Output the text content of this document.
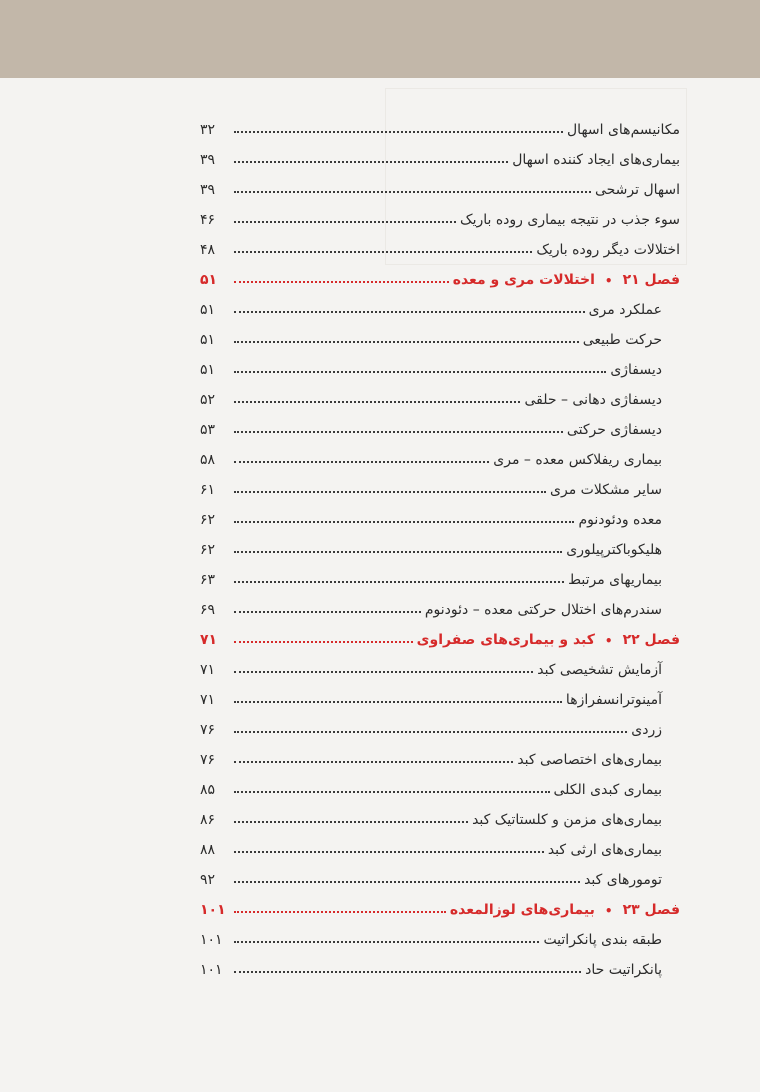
مکانیسم‌های اسهال
۳۲
بیماری‌های ایجاد کننده اسهال
۳۹
اسهال ترشحی
۳۹
سوء جذب در نتیجه بیماری روده باریک
۴۶
اختلالات دیگر روده باریک
۴۸
فصل ۲۱
•
اختلالات مری و معده
۵۱
عملکرد مری
۵۱
حرکت طبیعی
۵۱
دیسفاژی
۵۱
دیسفاژی دهانی – حلقی
۵۲
دیسفاژی حرکتی
۵۳
بیماری ریفلاکس معده – مری
۵۸
سایر مشکلات مری
۶۱
معده ودئودنوم
۶۲
هلیکوباکترپیلوری
۶۲
بیماریهای مرتبط
۶۳
سندرم‌های اختلال حرکتی معده – دئودنوم
۶۹
فصل ۲۲
•
کبد و بیماری‌های صفراوی
۷۱
آزمایش تشخیصی کبد
۷۱
آمینوترانسفرازها
۷۱
زردی
۷۶
بیماری‌های اختصاصی کبد
۷۶
بیماری کبدی الکلی
۸۵
بیماری‌های مزمن و کلستاتیک کبد
۸۶
بیماری‌های ارثی کبد
۸۸
تومورهای کبد
۹۲
فصل ۲۳
•
بیماری‌های لوزالمعده
۱۰۱
طبقه بندی پانکراتیت
۱۰۱
پانکراتیت حاد
۱۰۱
